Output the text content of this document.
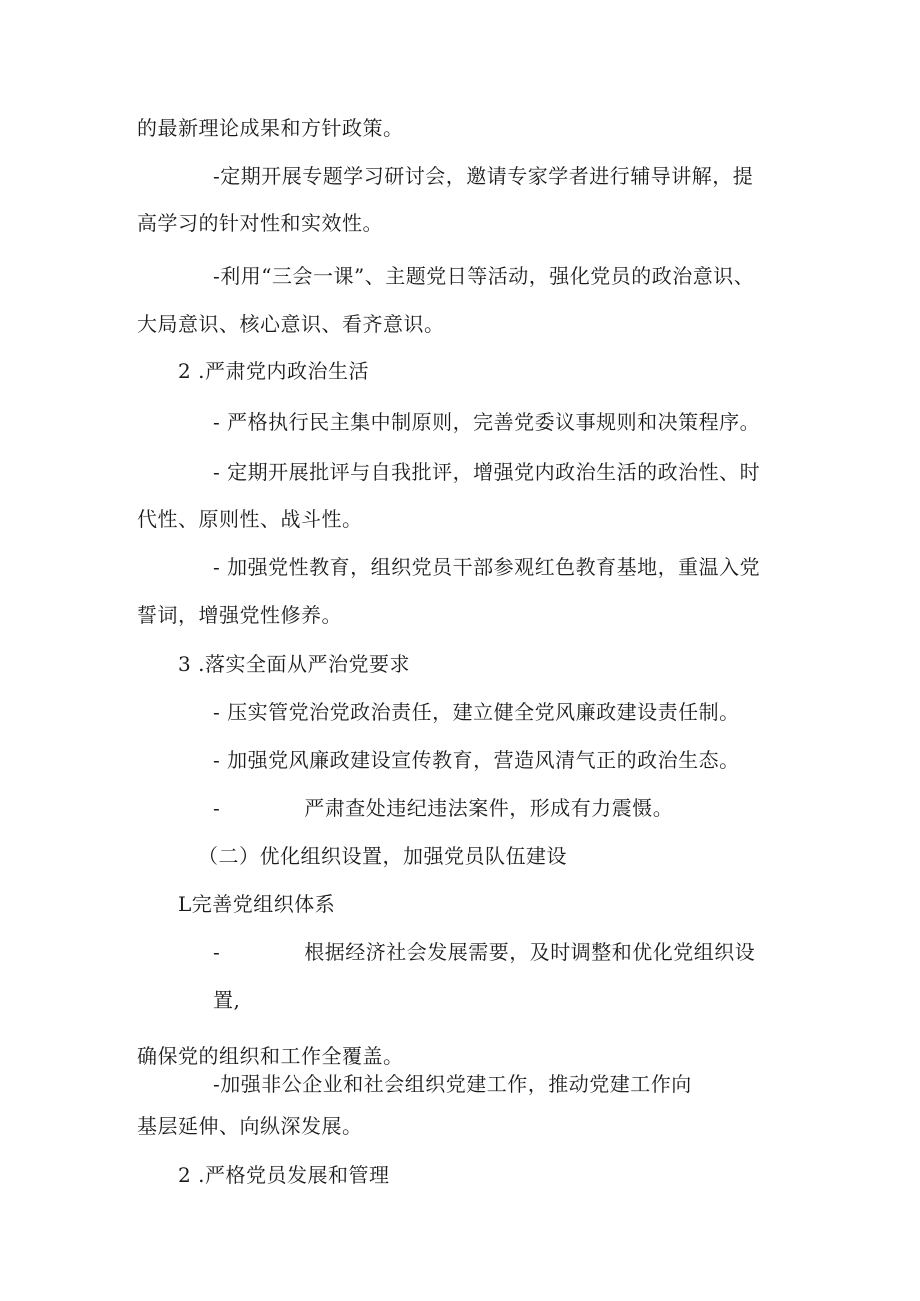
的最新理论成果和方针政策。
-定期开展专题学习研讨会，邀请专家学者进行辅导讲解，提
高学习的针对性和实效性。
-利用“三会一课”、主题党日等活动，强化党员的政治意识、
大局意识、核心意识、看齐意识。
2 .严肃党内政治生活
- 严格执行民主集中制原则，完善党委议事规则和决策程序。
- 定期开展批评与自我批评，增强党内政治生活的政治性、时
代性、原则性、战斗性。
- 加强党性教育，组织党员干部参观红色教育基地，重温入党
誓词，增强党性修养。
3 .落实全面从严治党要求
- 压实管党治党政治责任，建立健全党风廉政建设责任制。
- 加强党风廉政建设宣传教育，营造风清气正的政治生态。
-	严肃查处违纪违法案件，形成有力震慑。
（二）优化组织设置，加强党员队伍建设
L完善党组织体系
-	根据经济社会发展需要，及时调整和优化党组织设
置,
确保党的组织和工作全覆盖。
-加强非公企业和社会组织党建工作，推动党建工作向
基层延伸、向纵深发展。
2 .严格党员发展和管理
